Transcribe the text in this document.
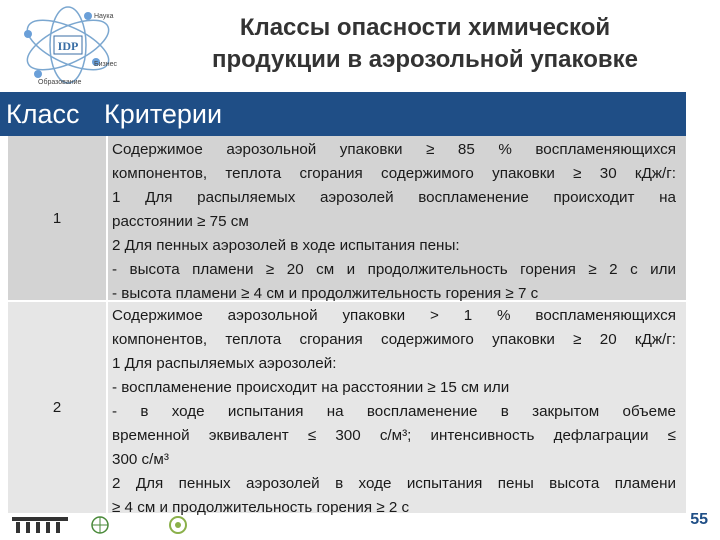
IDP
Наука
Бизнес
Образование
Классы опасности химической
продукции в аэрозольной упаковке
Класс Критерии
1
Содержимое аэрозольной упаковки ≥ 85 % воспламеняющихся
компонентов, теплота сгорания содержимого упаковки ≥ 30 кДж/г:
1 Для распыляемых аэрозолей воспламенение происходит на
расстоянии ≥ 75 см
2 Для пенных аэрозолей в ходе испытания пены:
- высота пламени ≥ 20 см и продолжительность горения ≥ 2 с или
- высота пламени ≥ 4 см и продолжительность горения ≥ 7 с
2
Содержимое аэрозольной упаковки > 1 % воспламеняющихся
компонентов, теплота сгорания содержимого упаковки ≥ 20 кДж/г:
1 Для распыляемых аэрозолей:
- воспламенение происходит на расстоянии ≥ 15 см или
- в ходе испытания на воспламенение в закрытом объеме
временной эквивалент ≤ 300 с/м³; интенсивность дефлаграции ≤
300 с/м³
2 Для пенных аэрозолей в ходе испытания пены высота пламени
≥ 4 см и продолжительность горения ≥ 2 с
55
